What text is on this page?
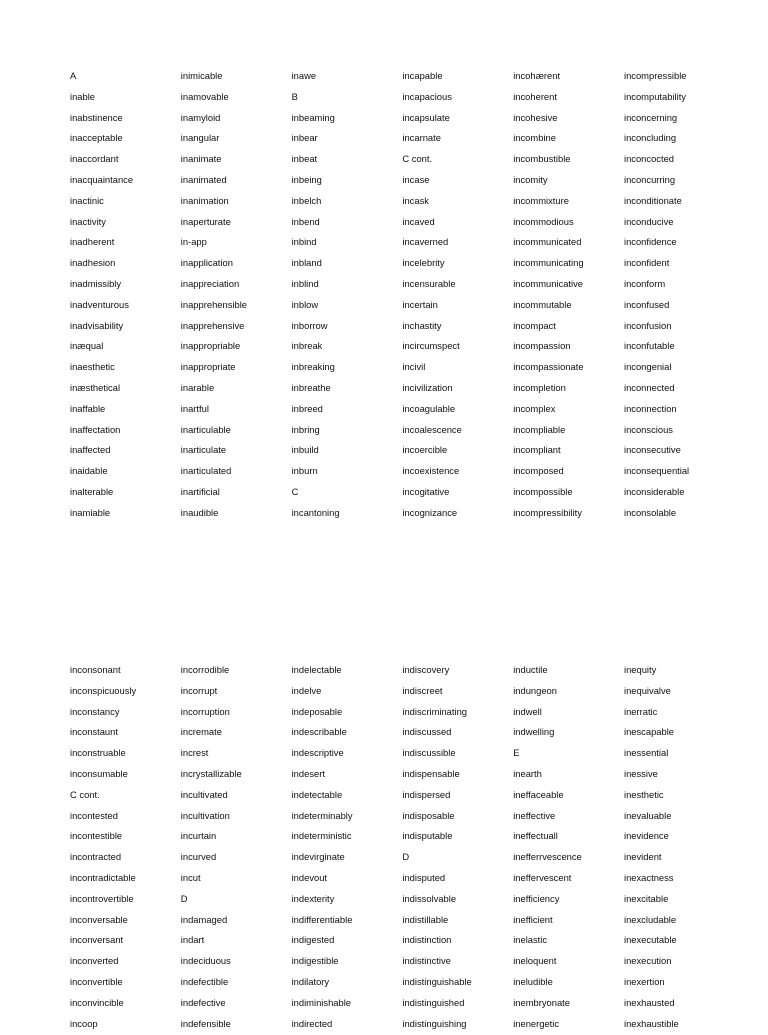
A
inable
inabstinence
inacceptable
inaccordant
inacquaintance
inactinic
inactivity
inadherent
inadhesion
inadmissibly
inadventurous
inadvisability
inæqual
inaesthetic
inæsthetical
inaffable
inaffectation
inaffected
inaidable
inalterable
inamiable
inimicable
inamovable
inamyloid
inangular
inanimate
inanimated
inanimation
inaperturate
in-app
inapplication
inappreciation
inapprehensible
inapprehensive
inappropriable
inappropriate
inarable
inartful
inarticulable
inarticulate
inarticulated
inartificial
inaudible
inawe
B
inbeaming
inbear
inbeat
inbeing
inbelch
inbend
inbind
inbland
inblind
inblow
inborrow
inbreak
inbreaking
inbreathe
inbreed
inbring
inbuild
inburn
C
incantoning
incapable
incapacious
incapsulate
incarnate
C cont.
incase
incask
incaved
incaverned
incelebrity
incensurable
incertain
inchastity
incircumspect
incivil
incivilization
incoagulable
incoalescence
incoercible
incoexistence
incogitative
incognizance
incohærent
incoherent
incohesive
incombine
incombustible
incomity
incommixture
incommodious
incommunicated
incommunicating
incommunicative
incommutable
incompact
incompassion
incompassionate
incompletion
incomplex
incompliable
incompliant
incomposed
incompossible
incompressibility
incompressible
incomputability
inconcerning
inconcluding
inconcocted
inconcurring
inconditionate
inconducive
inconfidence
inconfident
inconform
inconfused
inconfusion
inconfutable
incongenial
inconnected
inconnection
inconscious
inconsecutive
inconsequential
inconsiderable
inconsolable
inconsonant
inconspicuously
inconstancy
inconstaunt
inconstruable
inconsumable
C cont.
incontested
incontestible
incontracted
incontradictable
incontrovertible
inconversable
inconversant
inconverted
inconvertible
inconvincible
incoop
incorrodible
incorrupt
incorruption
incremate
increst
incrystallizable
incultivated
incultivation
incurtain
incurved
incut
D
indamaged
indart
indeciduous
indefectible
indefective
indefensible
indelectable
indelve
indeposable
indescribable
indescriptive
indesert
indetectable
indeterminably
indeterministic
indevirginate
indevout
indexterity
indifferentiable
indigested
indigestible
indilatory
indiminishable
indirected
indiscovery
indiscreet
indiscriminating
indiscussed
indiscussible
indispensable
indispersed
indisposable
indisputable
D
indisputed
indissolvable
indistillable
indistinction
indistinctive
indistinguishable
indistinguished
indistinguishing
inductile
indungeon
indwell
indwelling
E
inearth
ineffaceable
ineffective
ineffectuall
inefferrvescence
ineffervescent
inefficiency
inefficient
inelastic
ineloquent
ineludible
inembryonate
inenergetic
inequity
inequivalve
inerratic
inescapable
inessential
inessive
inesthetic
inevaluable
inevidence
inevident
inexactness
inexcitable
inexcludable
inexecutable
inexecution
inexertion
inexhausted
inexhaustible
